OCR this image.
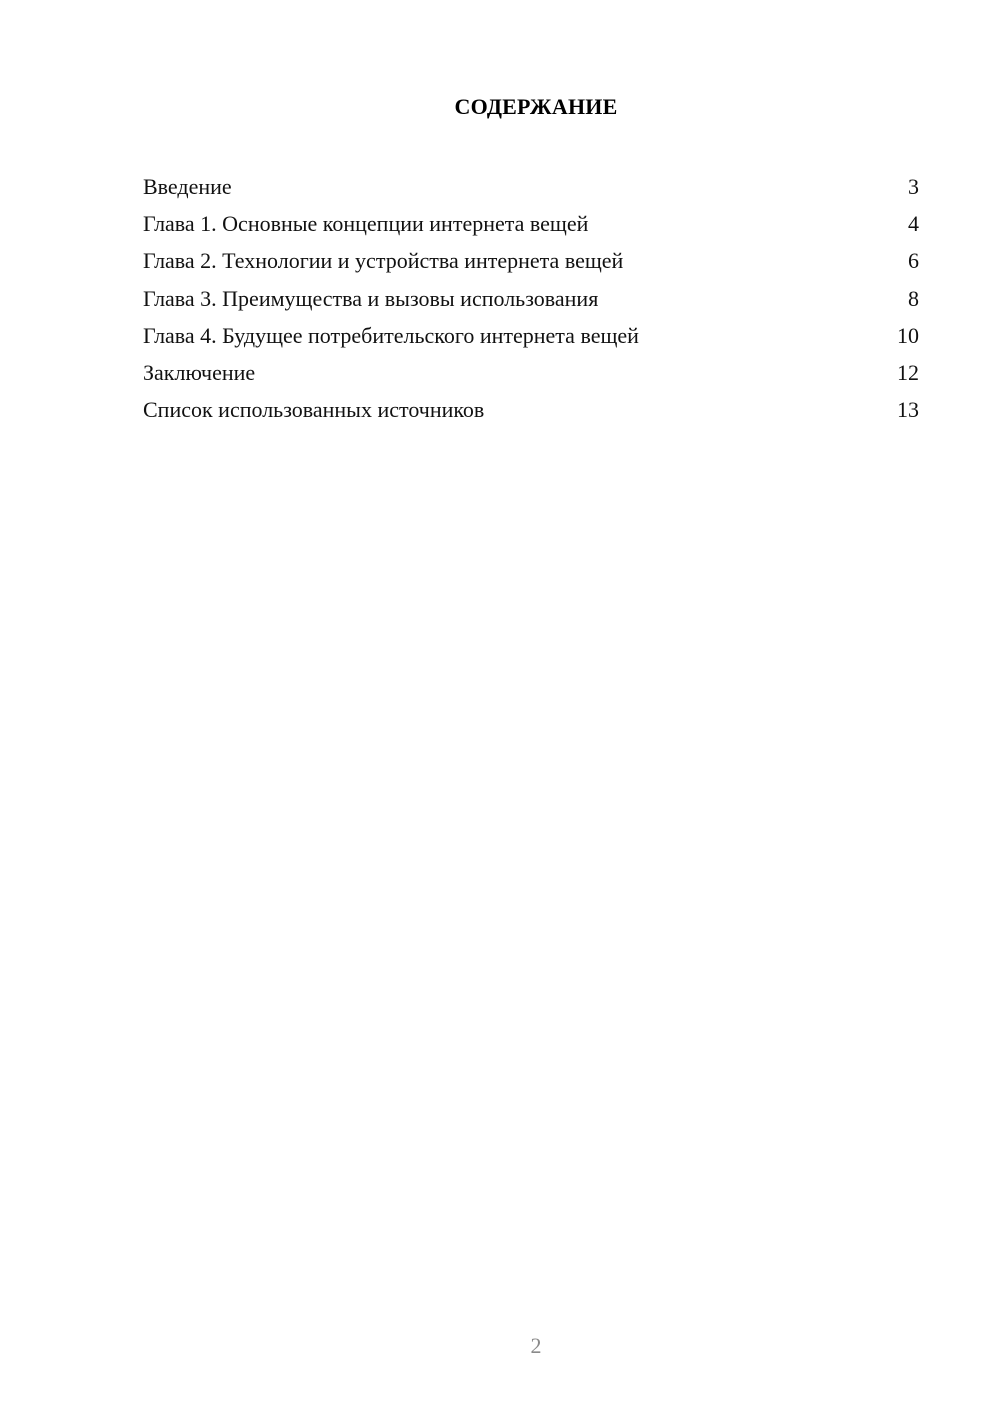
СОДЕРЖАНИЕ
Введение	3
Глава 1. Основные концепции интернета вещей	4
Глава 2. Технологии и устройства интернета вещей	6
Глава 3. Преимущества и вызовы использования	8
Глава 4. Будущее потребительского интернета вещей	10
Заключение	12
Список использованных источников	13
2
